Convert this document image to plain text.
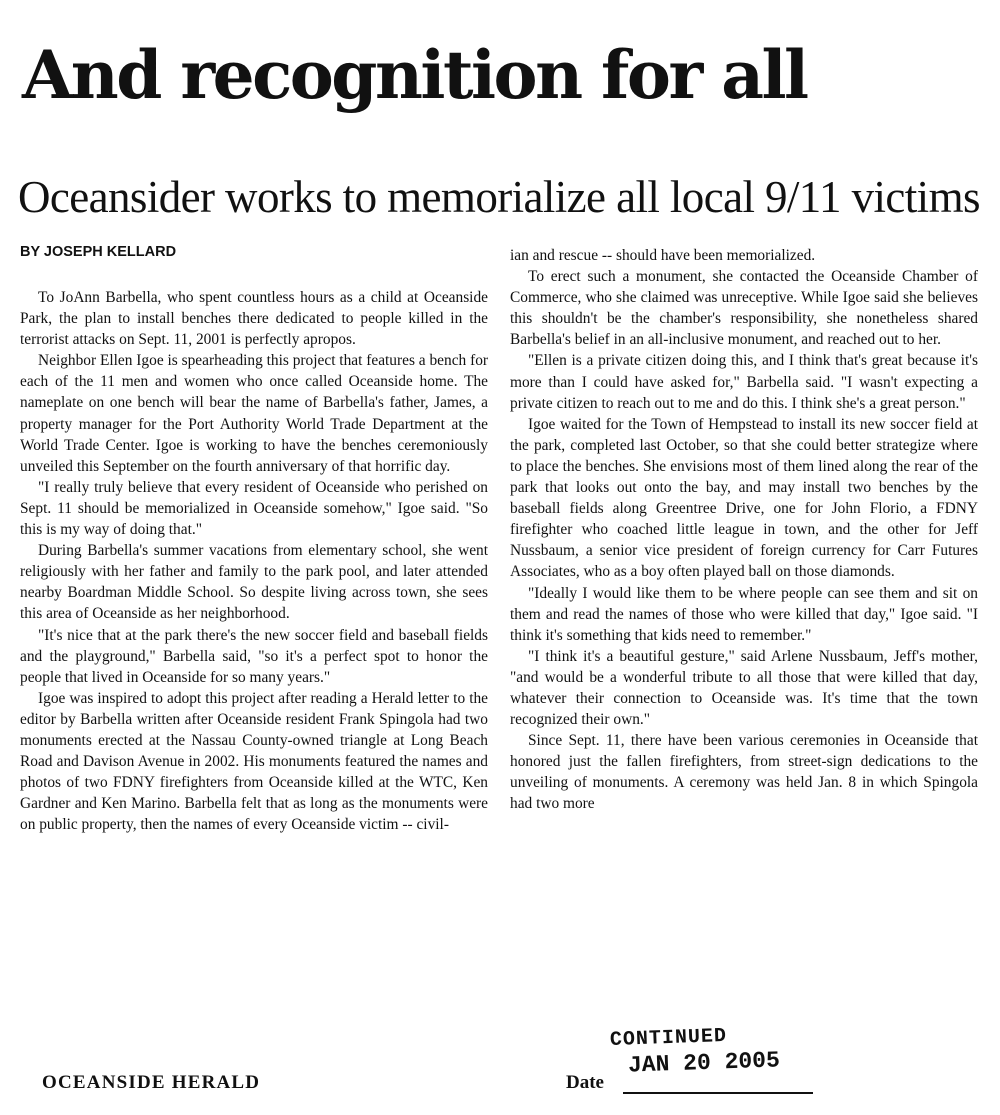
And recognition for all
Oceansider works to memorialize all local 9/11 victims
BY JOSEPH KELLARD

To JoAnn Barbella, who spent countless hours as a child at Oceanside Park, the plan to install benches there dedicated to people killed in the terrorist attacks on Sept. 11, 2001 is perfectly apropos.

Neighbor Ellen Igoe is spearheading this project that features a bench for each of the 11 men and women who once called Oceanside home. The nameplate on one bench will bear the name of Barbella's father, James, a property manager for the Port Authority World Trade Department at the World Trade Center. Igoe is working to have the benches ceremoniously unveiled this September on the fourth anniversary of that horrific day.

"I really truly believe that every resident of Oceanside who perished on Sept. 11 should be memorialized in Oceanside somehow," Igoe said. "So this is my way of doing that."

During Barbella's summer vacations from elementary school, she went religiously with her father and family to the park pool, and later attended nearby Boardman Middle School. So despite living across town, she sees this area of Oceanside as her neighborhood.

"It's nice that at the park there's the new soccer field and baseball fields and the playground," Barbella said, "so it's a perfect spot to honor the people that lived in Oceanside for so many years."

Igoe was inspired to adopt this project after reading a Herald letter to the editor by Barbella written after Oceanside resident Frank Spingola had two monuments erected at the Nassau County-owned triangle at Long Beach Road and Davison Avenue in 2002. His monuments featured the names and photos of two FDNY firefighters from Oceanside killed at the WTC, Ken Gardner and Ken Marino. Barbella felt that as long as the monuments were on public property, then the names of every Oceanside victim -- civil-

ian and rescue -- should have been memorialized.

To erect such a monument, she contacted the Oceanside Chamber of Commerce, who she claimed was unreceptive. While Igoe said she believes this shouldn't be the chamber's responsibility, she nonetheless shared Barbella's belief in an all-inclusive monument, and reached out to her.

"Ellen is a private citizen doing this, and I think that's great because it's more than I could have asked for," Barbella said. "I wasn't expecting a private citizen to reach out to me and do this. I think she's a great person."

Igoe waited for the Town of Hempstead to install its new soccer field at the park, completed last October, so that she could better strategize where to place the benches. She envisions most of them lined along the rear of the park that looks out onto the bay, and may install two benches by the baseball fields along Greentree Drive, one for John Florio, a FDNY firefighter who coached little league in town, and the other for Jeff Nussbaum, a senior vice president of foreign currency for Carr Futures Associates, who as a boy often played ball on those diamonds.

"Ideally I would like them to be where people can see them and sit on them and read the names of those who were killed that day," Igoe said. "I think it's something that kids need to remember."

"I think it's a beautiful gesture," said Arlene Nussbaum, Jeff's mother, "and would be a wonderful tribute to all those that were killed that day, whatever their connection to Oceanside was. It's time that the town recognized their own."

Since Sept. 11, there have been various ceremonies in Oceanside that honored just the fallen firefighters, from street-sign dedications to the unveiling of monuments. A ceremony was held Jan. 8 in which Spingola had two more

OCEANSIDE HERALD
CONTINUED
JAN 20 2005
Date
